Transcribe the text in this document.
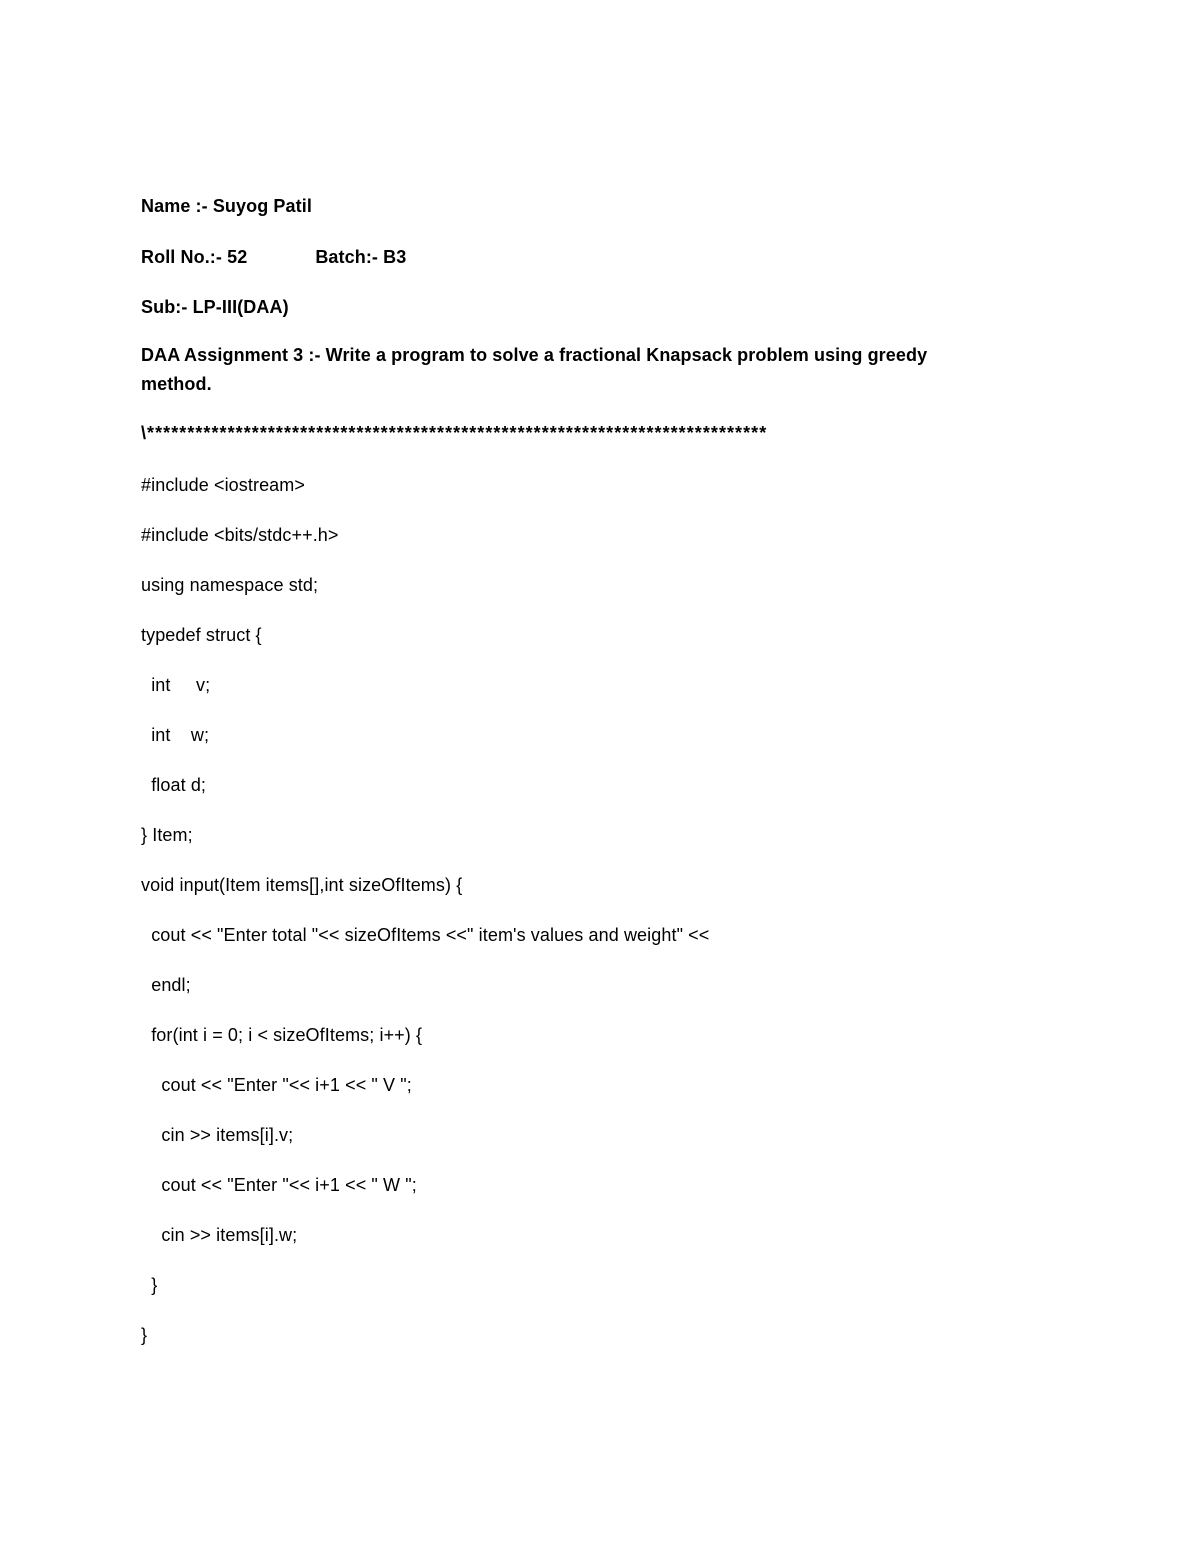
Name :- Suyog Patil
Roll No.:- 52	Batch:- B3
Sub:- LP-III(DAA)
DAA Assignment 3 :- Write a program to solve a fractional Knapsack problem using greedy method.
\*****************************************************************************
#include <iostream>
#include <bits/stdc++.h>
using namespace std;
typedef struct {
int     v;
int    w;
float d;
} Item;
void input(Item items[],int sizeOfItems) {
cout << "Enter total "<< sizeOfItems <<" item's values and weight" <<
endl;
for(int i = 0; i < sizeOfItems; i++) {
cout << "Enter "<< i+1 << " V ";
cin >> items[i].v;
cout << "Enter "<< i+1 << " W ";
cin >> items[i].w;
}
}
